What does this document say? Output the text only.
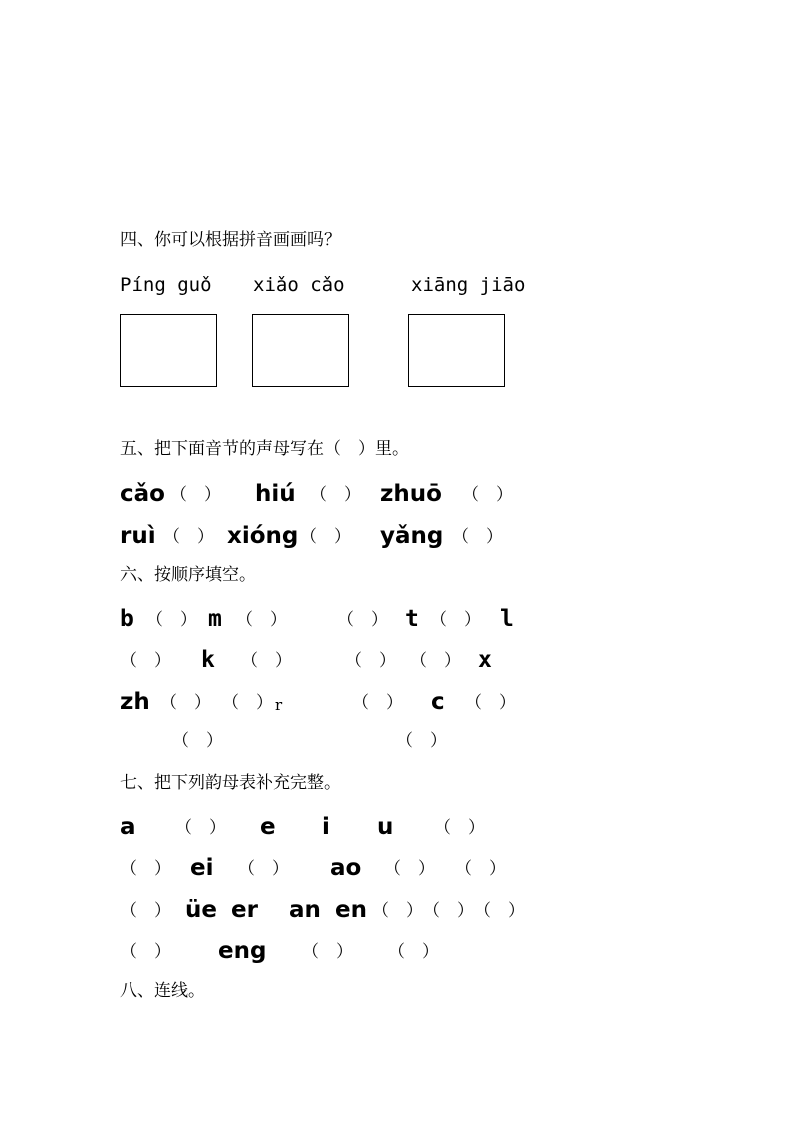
四、你可以根据拼音画画吗？
Píng guǒ xiǎo cǎo	xiāng jiāo
五、把下面音节的声母写在（　）里。
cǎo （　） hiú （　） zhuō （　）
ruì （　） xióng （　） yǎng （　）
六、按顺序填空。
b （　） m （　）	（　） t （　） l
（　） k （　）	（　） （　） x
zh （　） （　） r	（　） c （　）
（　）	（　）
七、把下列韵母表补充完整。
a （　） e i u （　）
（　） ei （　） ao （　） （　）
（　） üe er an en （　） （　） （　）
（　） eng （　） （　）
八、连线。
